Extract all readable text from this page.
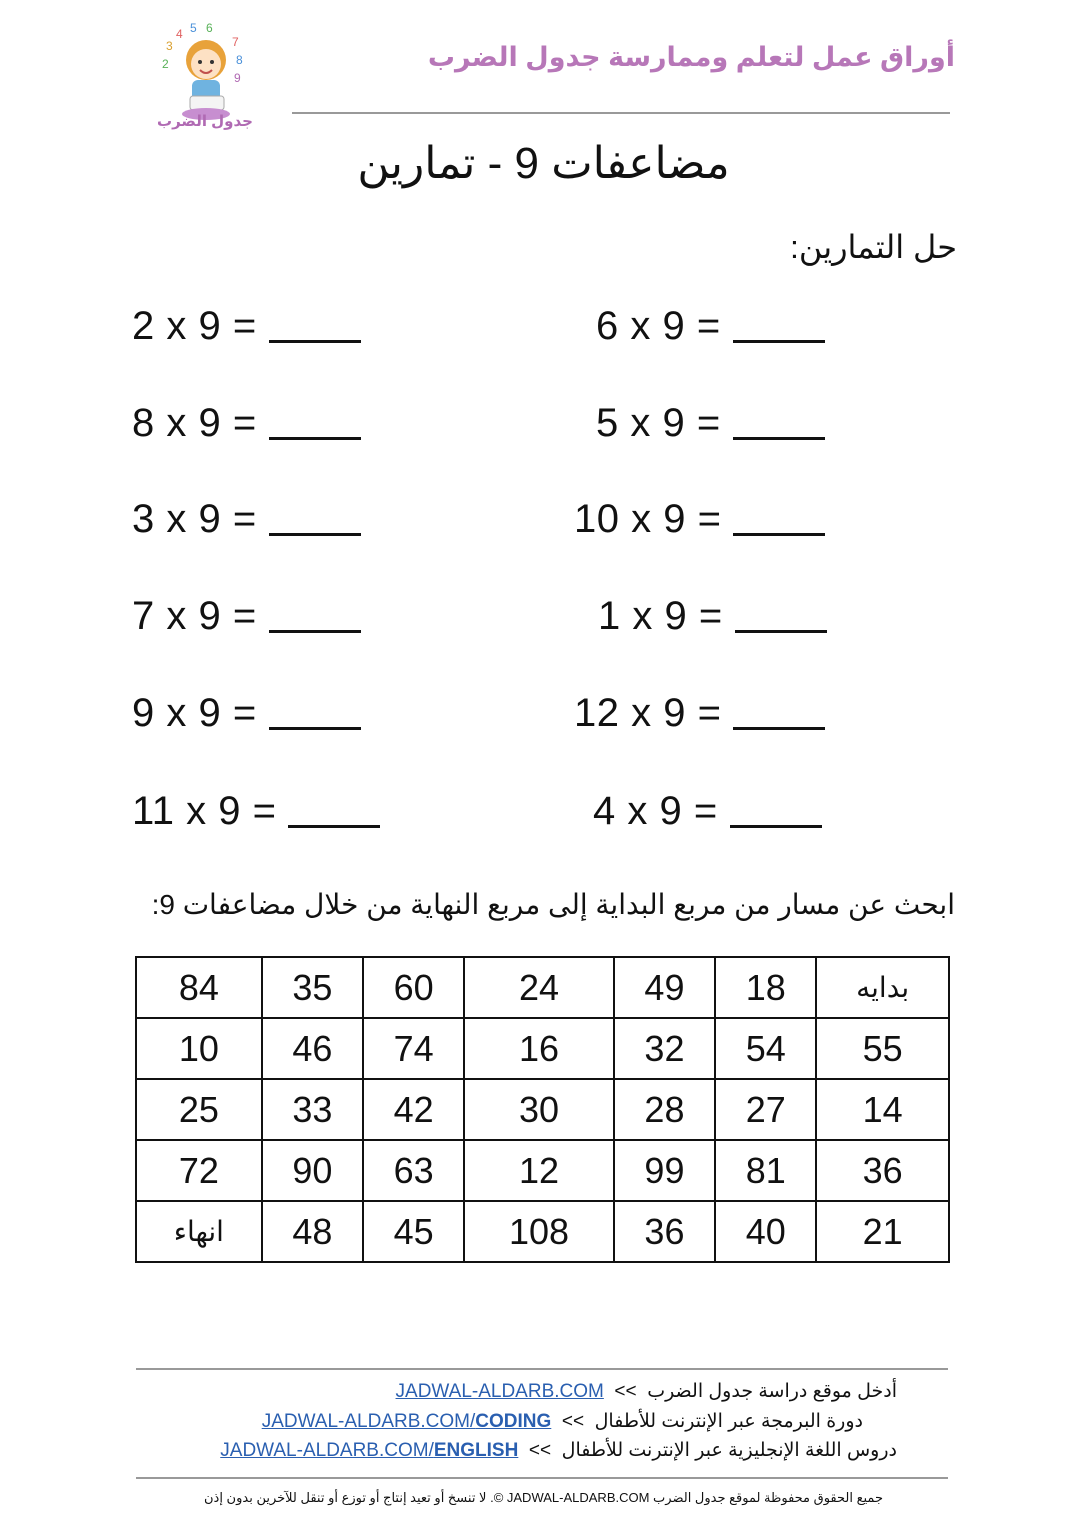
4 5 6
3	7
8
2
9
جدول الضرب
أوراق عمل لتعلم وممارسة جدول الضرب
مضاعفات 9 - تمارين
حل التمارين:
2 x 9 =
8 x 9 =
3 x 9 =
7 x 9 =
9 x 9 =
11 x 9 =
6 x 9 =
5 x 9 =
10 x 9 =
1 x 9 =
12 x 9 =
4 x 9 =
ابحث عن مسار من مربع البداية إلى مربع النهاية من خلال مضاعفات 9:
بدايه	18	49	24	60	35	84
55	54	32	16	74	46	10
14	27	28	30	42	33	25
36	81	99	12	63	90	72
21	40	36	108	45	48	انهاء
أدخل موقع دراسة جدول الضرب  >>  JADWAL-ALDARB.COM
دورة البرمجة عبر الإنترنت للأطفال  >>  JADWAL-ALDARB.COM/CODING
دروس اللغة الإنجليزية عبر الإنترنت للأطفال  >>  JADWAL-ALDARB.COM/ENGLISH
جميع الحقوق محفوظة لموقع جدول الضرب JADWAL-ALDARB.COM ©. لا تنسخ أو تعيد إنتاج أو توزع أو تنقل للآخرين بدون إذن
